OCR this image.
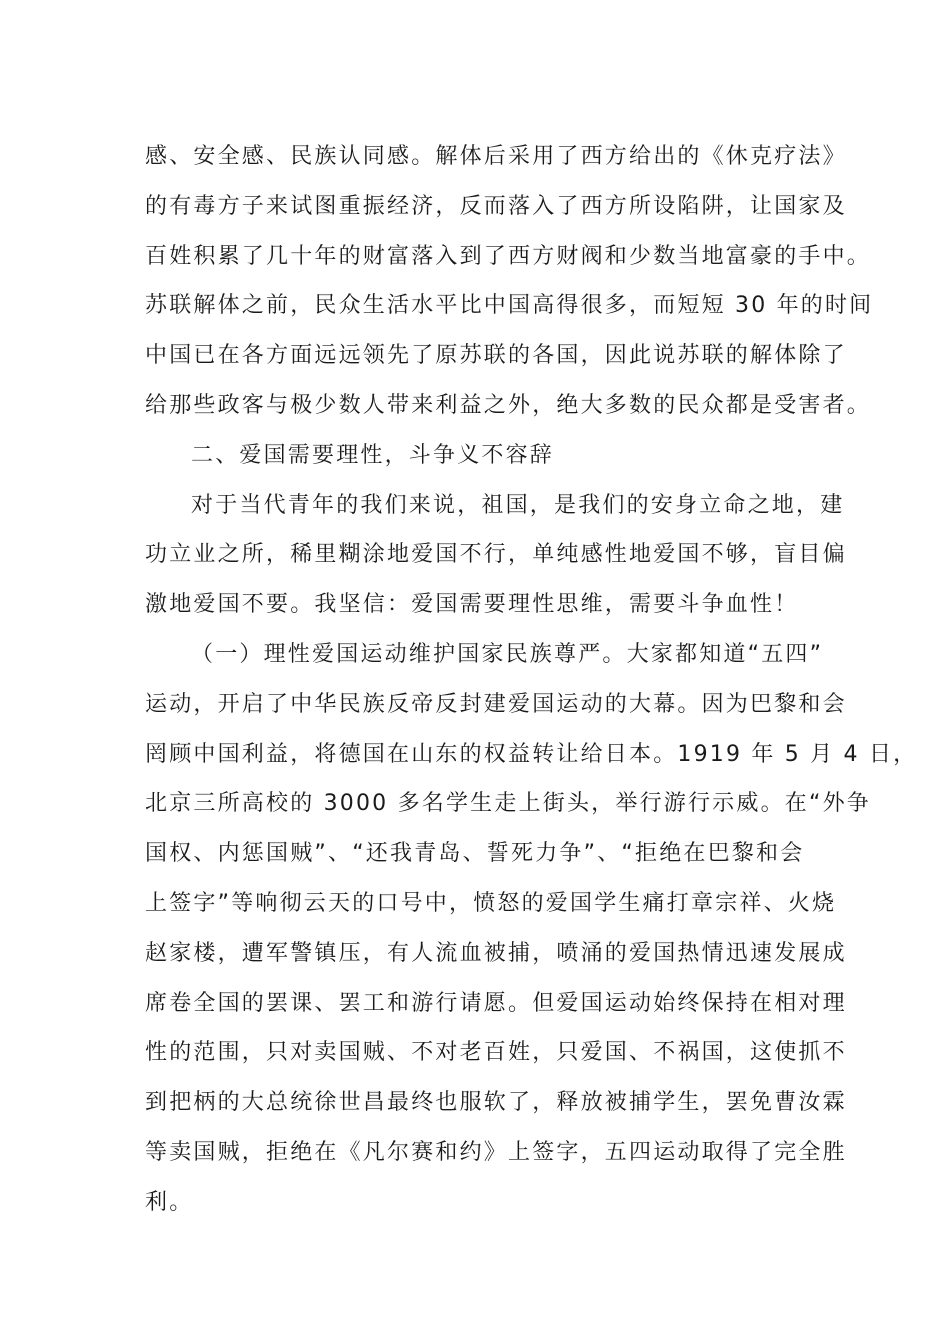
感、安全感、民族认同感。解体后采用了西方给出的《休克疗法》
的有毒方子来试图重振经济，反而落入了西方所设陷阱，让国家及
百姓积累了几十年的财富落入到了西方财阀和少数当地富豪的手中。
苏联解体之前，民众生活水平比中国高得很多，而短短 30 年的时间
中国已在各方面远远领先了原苏联的各国，因此说苏联的解体除了
给那些政客与极少数人带来利益之外，绝大多数的民众都是受害者。
二、爱国需要理性，斗争义不容辞
对于当代青年的我们来说，祖国，是我们的安身立命之地，建
功立业之所，稀里糊涂地爱国不行，单纯感性地爱国不够，盲目偏
激地爱国不要。我坚信：爱国需要理性思维，需要斗争血性！
（一）理性爱国运动维护国家民族尊严。大家都知道“五四”
运动，开启了中华民族反帝反封建爱国运动的大幕。因为巴黎和会
罔顾中国利益，将德国在山东的权益转让给日本。1919 年 5 月 4 日，
北京三所高校的 3000 多名学生走上街头，举行游行示威。在“外争
国权、内惩国贼”、“还我青岛、誓死力争”、“拒绝在巴黎和会
上签字”等响彻云天的口号中，愤怒的爱国学生痛打章宗祥、火烧
赵家楼，遭军警镇压，有人流血被捕，喷涌的爱国热情迅速发展成
席卷全国的罢课、罢工和游行请愿。但爱国运动始终保持在相对理
性的范围，只对卖国贼、不对老百姓，只爱国、不祸国，这使抓不
到把柄的大总统徐世昌最终也服软了，释放被捕学生，罢免曹汝霖
等卖国贼，拒绝在《凡尔赛和约》上签字，五四运动取得了完全胜
利。
